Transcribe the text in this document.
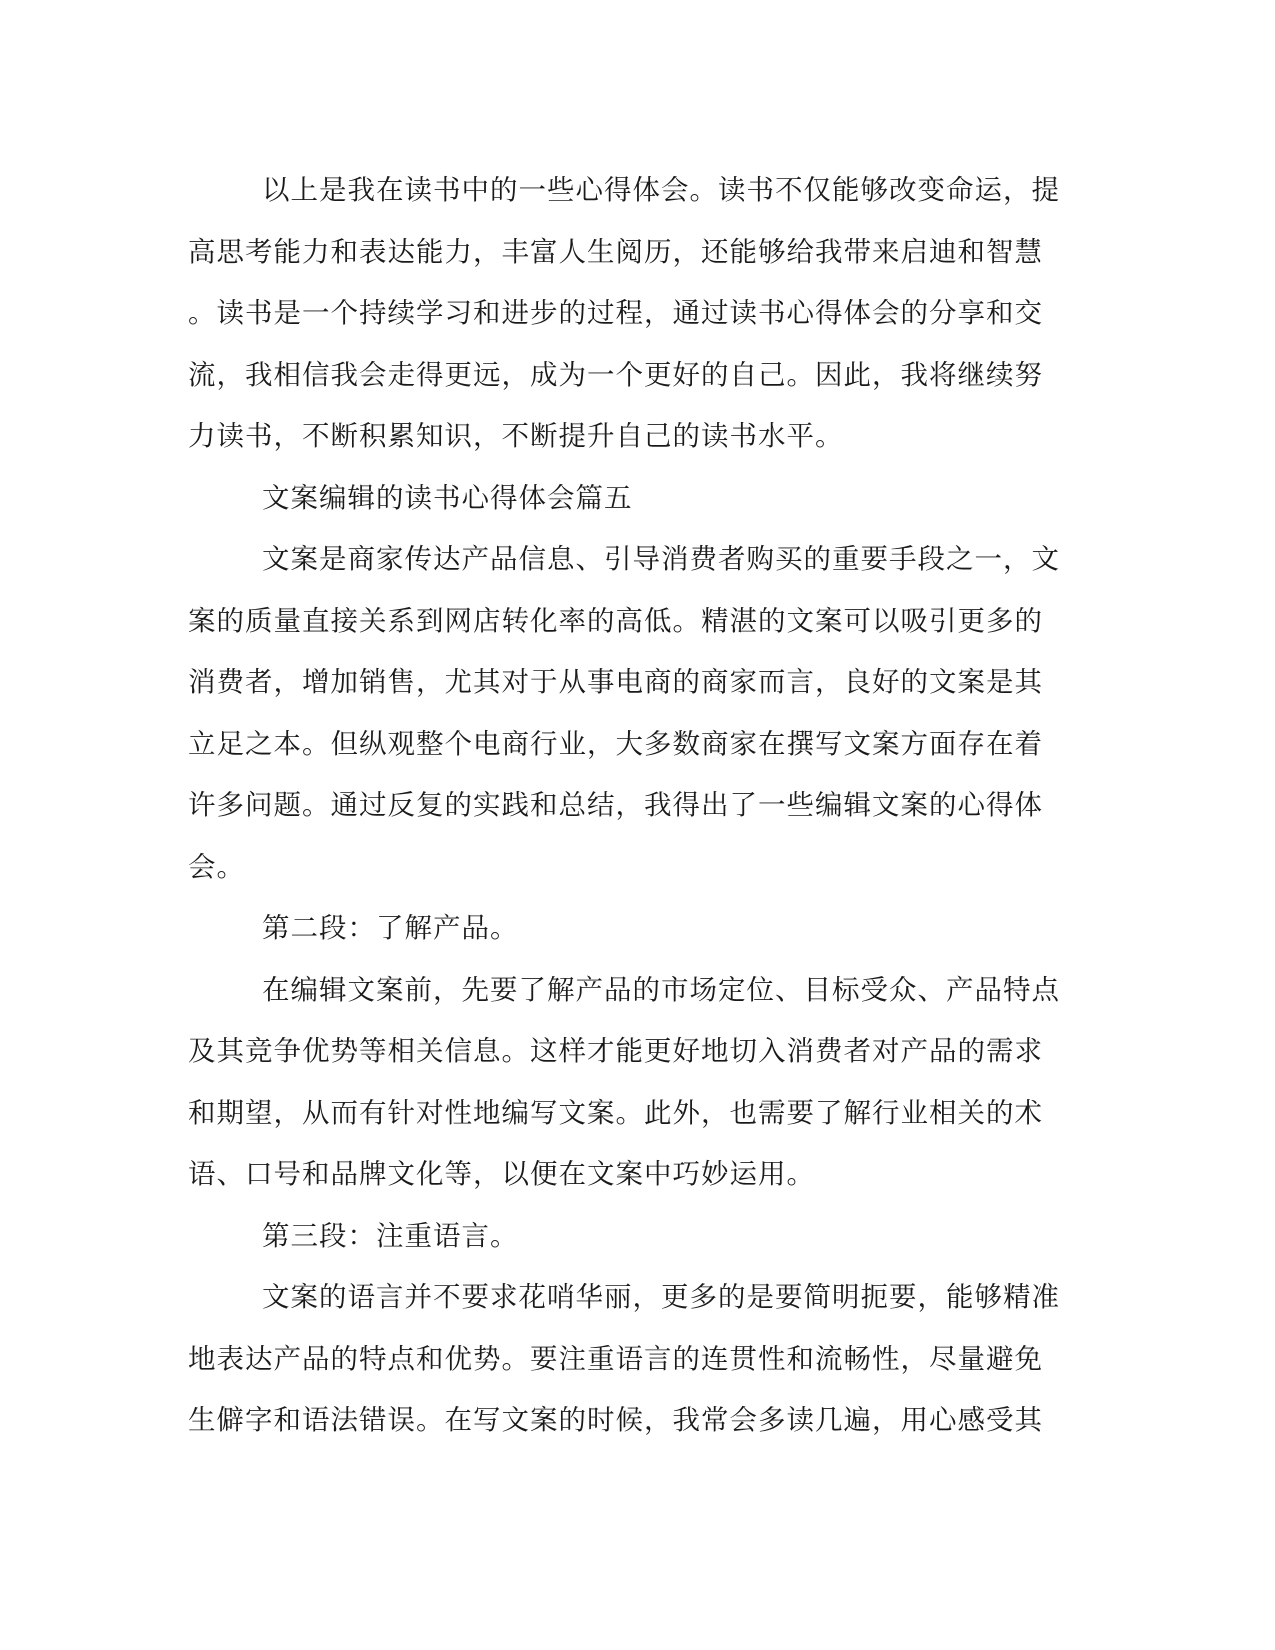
以上是我在读书中的一些心得体会。读书不仅能够改变命运，提
高思考能力和表达能力，丰富人生阅历，还能够给我带来启迪和智慧
。读书是一个持续学习和进步的过程，通过读书心得体会的分享和交
流，我相信我会走得更远，成为一个更好的自己。因此，我将继续努
力读书，不断积累知识，不断提升自己的读书水平。
文案编辑的读书心得体会篇五
文案是商家传达产品信息、引导消费者购买的重要手段之一，文
案的质量直接关系到网店转化率的高低。精湛的文案可以吸引更多的
消费者，增加销售，尤其对于从事电商的商家而言，良好的文案是其
立足之本。但纵观整个电商行业，大多数商家在撰写文案方面存在着
许多问题。通过反复的实践和总结，我得出了一些编辑文案的心得体
会。
第二段：了解产品。
在编辑文案前，先要了解产品的市场定位、目标受众、产品特点
及其竞争优势等相关信息。这样才能更好地切入消费者对产品的需求
和期望，从而有针对性地编写文案。此外，也需要了解行业相关的术
语、口号和品牌文化等，以便在文案中巧妙运用。
第三段：注重语言。
文案的语言并不要求花哨华丽，更多的是要简明扼要，能够精准
地表达产品的特点和优势。要注重语言的连贯性和流畅性，尽量避免
生僻字和语法错误。在写文案的时候，我常会多读几遍，用心感受其
